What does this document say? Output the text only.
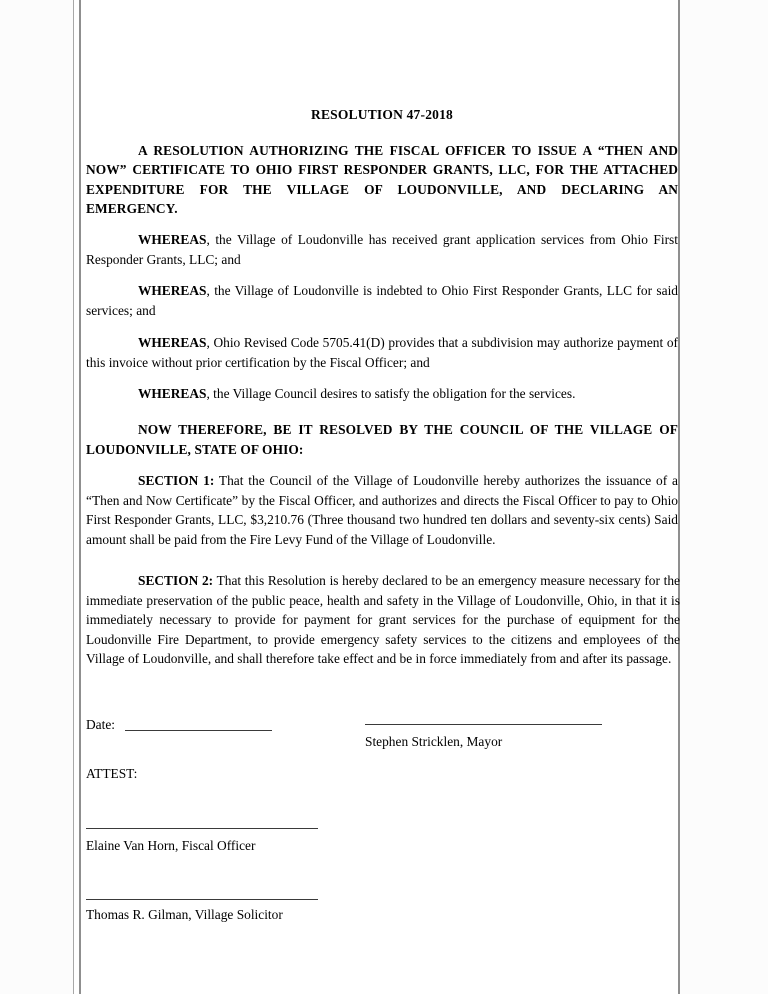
RESOLUTION 47-2018

A RESOLUTION AUTHORIZING THE FISCAL OFFICER TO ISSUE A “THEN AND NOW” CERTIFICATE TO OHIO FIRST RESPONDER GRANTS, LLC, FOR THE ATTACHED EXPENDITURE FOR THE VILLAGE OF LOUDONVILLE, AND DECLARING AN EMERGENCY.

WHEREAS, the Village of Loudonville has received grant application services from Ohio First Responder Grants, LLC; and

WHEREAS, the Village of Loudonville is indebted to Ohio First Responder Grants, LLC for said services; and

WHEREAS, Ohio Revised Code 5705.41(D) provides that a subdivision may authorize payment of this invoice without prior certification by the Fiscal Officer; and

WHEREAS, the Village Council desires to satisfy the obligation for the services.

NOW THEREFORE, BE IT RESOLVED BY THE COUNCIL OF THE VILLAGE OF LOUDONVILLE, STATE OF OHIO:

SECTION 1: That the Council of the Village of Loudonville hereby authorizes the issuance of a “Then and Now Certificate” by the Fiscal Officer, and authorizes and directs the Fiscal Officer to pay to Ohio First Responder Grants, LLC, $3,210.76 (Three thousand two hundred ten dollars and seventy-six cents) Said amount shall be paid from the Fire Levy Fund of the Village of Loudonville.

SECTION 2: That this Resolution is hereby declared to be an emergency measure necessary for the immediate preservation of the public peace, health and safety in the Village of Loudonville, Ohio, in that it is immediately necessary to provide for payment for grant services for the purchase of equipment for the Loudonville Fire Department, to provide emergency safety services to the citizens and employees of the Village of Loudonville, and shall therefore take effect and be in force immediately from and after its passage.

Date:
Stephen Stricklen, Mayor
ATTEST:
Elaine Van Horn, Fiscal Officer
Thomas R. Gilman, Village Solicitor
